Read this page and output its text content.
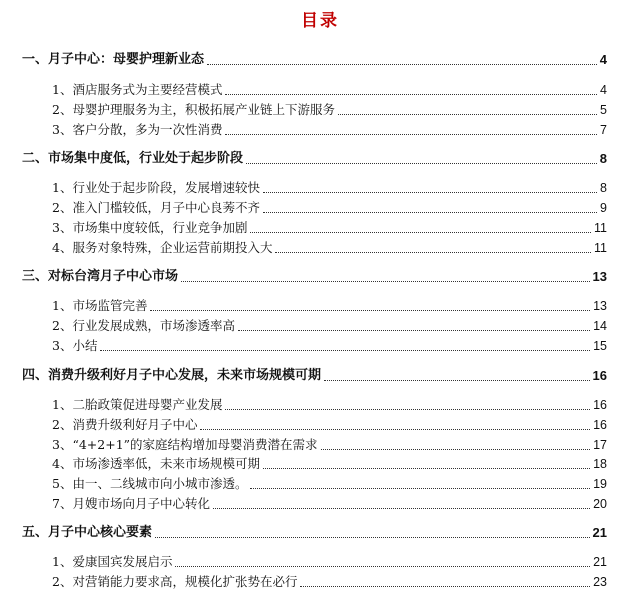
目录
一、月子中心：母婴护理新业态	4
1、酒店服务式为主要经营模式	4
2、母婴护理服务为主，积极拓展产业链上下游服务	5
3、客户分散，多为一次性消费	7
二、市场集中度低，行业处于起步阶段	8
1、行业处于起步阶段，发展增速较快	8
2、准入门槛较低，月子中心良莠不齐	9
3、市场集中度较低，行业竞争加剧	11
4、服务对象特殊，企业运营前期投入大	11
三、对标台湾月子中心市场	13
1、市场监管完善	13
2、行业发展成熟，市场渗透率高	14
3、小结	15
四、消费升级利好月子中心发展，未来市场规模可期	16
1、二胎政策促进母婴产业发展	16
2、消费升级利好月子中心	16
3、“4+2+1”的家庭结构增加母婴消费潜在需求	17
4、市场渗透率低，未来市场规模可期	18
5、由一、二线城市向小城市渗透。	19
7、月嫂市场向月子中心转化	20
五、月子中心核心要素	21
1、爱康国宾发展启示	21
2、对营销能力要求高，规模化扩张势在必行	23
